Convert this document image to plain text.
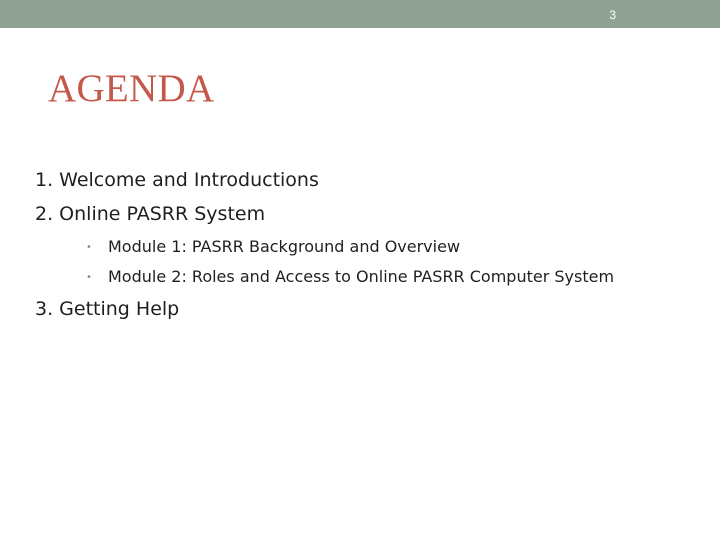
3
AGENDA
1. Welcome and Introductions
2. Online PASRR System
• Module 1: PASRR Background and Overview
• Module 2: Roles and Access to Online PASRR Computer System
3. Getting Help
